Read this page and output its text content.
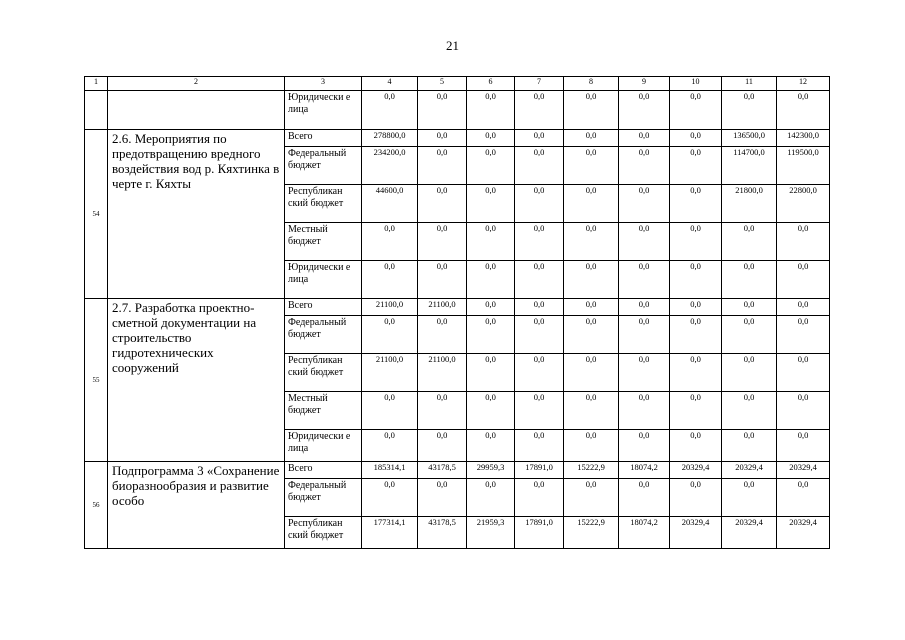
21
1	2	3	4	5	6	7	8	9	10	11	12
		Юридически е лица	0,0	0,0	0,0	0,0	0,0	0,0	0,0	0,0	0,0
54	2.6. Мероприятия по предотвращению вредного воздействия вод р. Кяхтинка в черте г. Кяхты	Всего	278800,0	0,0	0,0	0,0	0,0	0,0	0,0	136500,0	142300,0
		Федеральный бюджет	234200,0	0,0	0,0	0,0	0,0	0,0	0,0	114700,0	119500,0
		Республикан ский бюджет	44600,0	0,0	0,0	0,0	0,0	0,0	0,0	21800,0	22800,0
		Местный бюджет	0,0	0,0	0,0	0,0	0,0	0,0	0,0	0,0	0,0
		Юридически е лица	0,0	0,0	0,0	0,0	0,0	0,0	0,0	0,0	0,0
55	2.7. Разработка проектно-сметной документации на строительство гидротехнических сооружений	Всего	21100,0	21100,0	0,0	0,0	0,0	0,0	0,0	0,0	0,0
		Федеральный бюджет	0,0	0,0	0,0	0,0	0,0	0,0	0,0	0,0	0,0
		Республикан ский бюджет	21100,0	21100,0	0,0	0,0	0,0	0,0	0,0	0,0	0,0
		Местный бюджет	0,0	0,0	0,0	0,0	0,0	0,0	0,0	0,0	0,0
		Юридически е лица	0,0	0,0	0,0	0,0	0,0	0,0	0,0	0,0	0,0
56	Подпрограмма 3 «Сохранение биоразнообразия и развитие особо	Всего	185314,1	43178,5	29959,3	17891,0	15222,9	18074,2	20329,4	20329,4	20329,4
		Федеральный бюджет	0,0	0,0	0,0	0,0	0,0	0,0	0,0	0,0	0,0
		Республикан ский бюджет	177314,1	43178,5	21959,3	17891,0	15222,9	18074,2	20329,4	20329,4	20329,4
